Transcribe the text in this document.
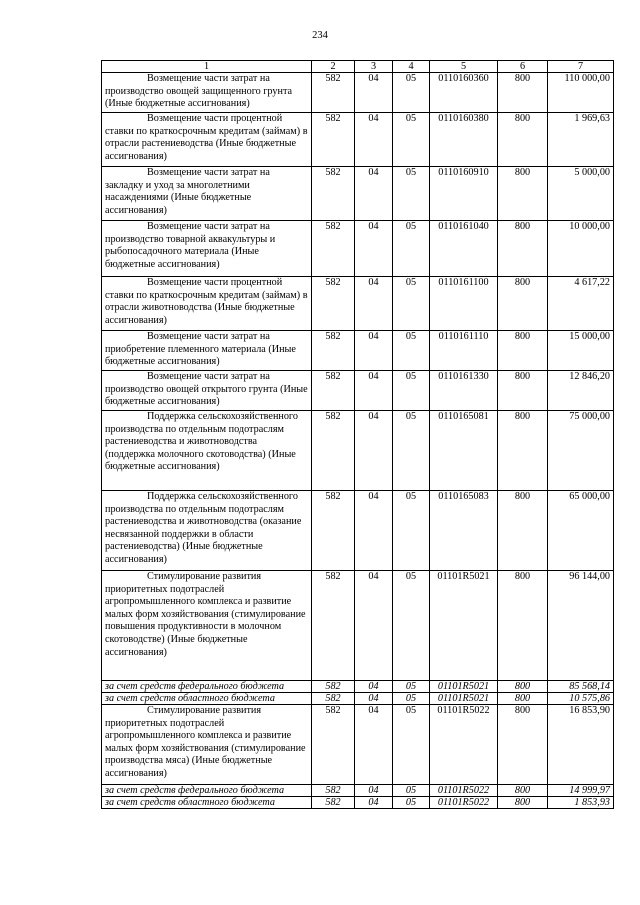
234
1	2	3	4	5	6	7
Возмещение части затрат на производство овощей защищенного грунта (Иные бюджетные ассигнования)	582	04	05	0110160360	800	110 000,00
Возмещение части процентной ставки по краткосрочным кредитам (займам) в отрасли растениеводства (Иные бюджетные ассигнования)	582	04	05	0110160380	800	1 969,63
Возмещение части затрат на закладку и уход за многолетними насаждениями (Иные бюджетные ассигнования)	582	04	05	0110160910	800	5 000,00
Возмещение части затрат на производство товарной аквакультуры и рыбопосадочного материала (Иные бюджетные ассигнования)	582	04	05	0110161040	800	10 000,00
Возмещение части процентной ставки по краткосрочным кредитам (займам) в отрасли животноводства (Иные бюджетные ассигнования)	582	04	05	0110161100	800	4 617,22
Возмещение части затрат на приобретение племенного материала (Иные бюджетные ассигнования)	582	04	05	0110161110	800	15 000,00
Возмещение части затрат на производство овощей открытого грунта (Иные бюджетные ассигнования)	582	04	05	0110161330	800	12 846,20
Поддержка сельскохозяйственного производства по отдельным подотраслям растениеводства и животноводства (поддержка молочного скотоводства) (Иные бюджетные ассигнования)	582	04	05	0110165081	800	75 000,00
Поддержка сельскохозяйственного производства по отдельным подотраслям растениеводства и животноводства (оказание несвязанной поддержки в области растениеводства) (Иные бюджетные ассигнования)	582	04	05	0110165083	800	65 000,00
Стимулирование развития приоритетных подотраслей агропромышленного комплекса и развитие малых форм хозяйствования (стимулирование повышения продуктивности в молочном скотоводстве) (Иные бюджетные ассигнования)	582	04	05	01101R5021	800	96 144,00
за счет средств федерального бюджета	582	04	05	01101R5021	800	85 568,14
за счет средств областного бюджета	582	04	05	01101R5021	800	10 575,86
Стимулирование развития приоритетных подотраслей агропромышленного комплекса и развитие малых форм хозяйствования (стимулирование производства мяса) (Иные бюджетные ассигнования)	582	04	05	01101R5022	800	16 853,90
за счет средств федерального бюджета	582	04	05	01101R5022	800	14 999,97
за счет средств областного бюджета	582	04	05	01101R5022	800	1 853,93
